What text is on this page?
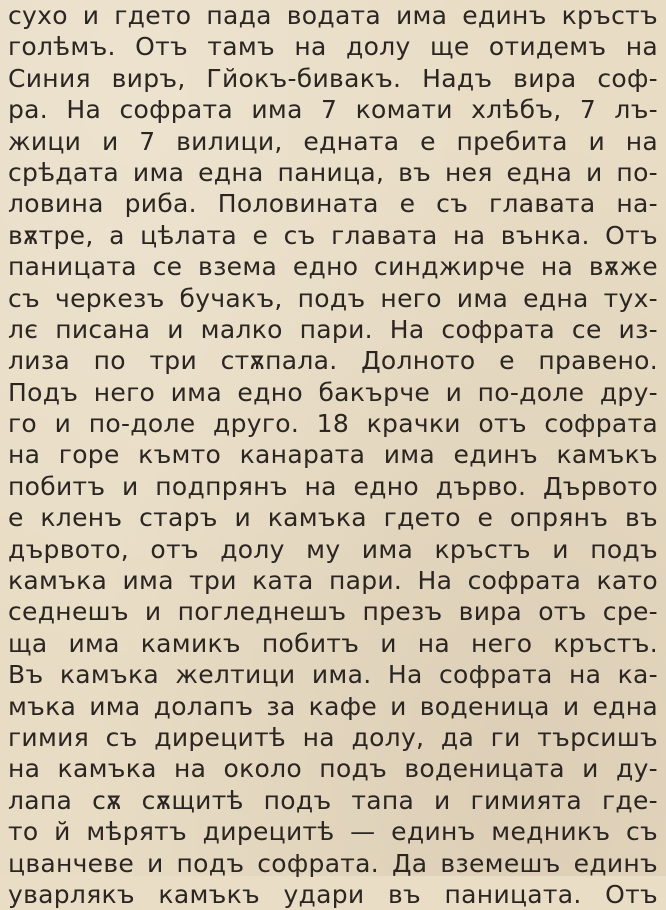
сухо и гдето пада водата има единъ кръстъ
голѣмъ. Отъ тамъ на долу ще отидемъ на
Синия виръ, Гйокъ-бивакъ. Надъ вира соф-
ра. На софрата има 7 комати хлѣбъ, 7 лъ-
жици и 7 вилици, едната е пребита и на
срѣдата има една паница, въ нея една и по-
ловина риба. Половината е съ главата на-
вѫтре, а цѣлата е съ главата на вънка. Отъ
паницата се взема едно синджирче на вѫже
съ черкезъ бучакъ, подъ него има една тух-
лє писана и малко пари. На софрата се из-
лиза по три стѫпала. Долното е правено.
Подъ него има едно бакърче и по-доле дру-
го и по-доле друго. 18 крачки отъ софрата
на горе къмто канарата има единъ камъкъ
побитъ и подпрянъ на едно дърво. Дървото
е кленъ старъ и камъка гдето е опрянъ въ
дървото, отъ долу му има кръстъ и подъ
камъка има три ката пари. На софрата като
седнешъ и погледнешъ презъ вира отъ сре-
ща има камикъ побитъ и на него кръстъ.
Въ камъка желтици има. На софрата на ка-
мъка има долапъ за кафе и воденица и една
гимия съ дирецитѣ на долу, да ги търсишъ
на камъка на около подъ воденицата и ду-
лапа сѫ сѫщитѣ подъ тапа и гимията гдe-
то й мѣрятъ дирецитѣ — единъ медникъ съ
цванчеве и подъ софрата. Да вземешъ единъ
уварлякъ камъкъ удари въ паницата. Отъ
